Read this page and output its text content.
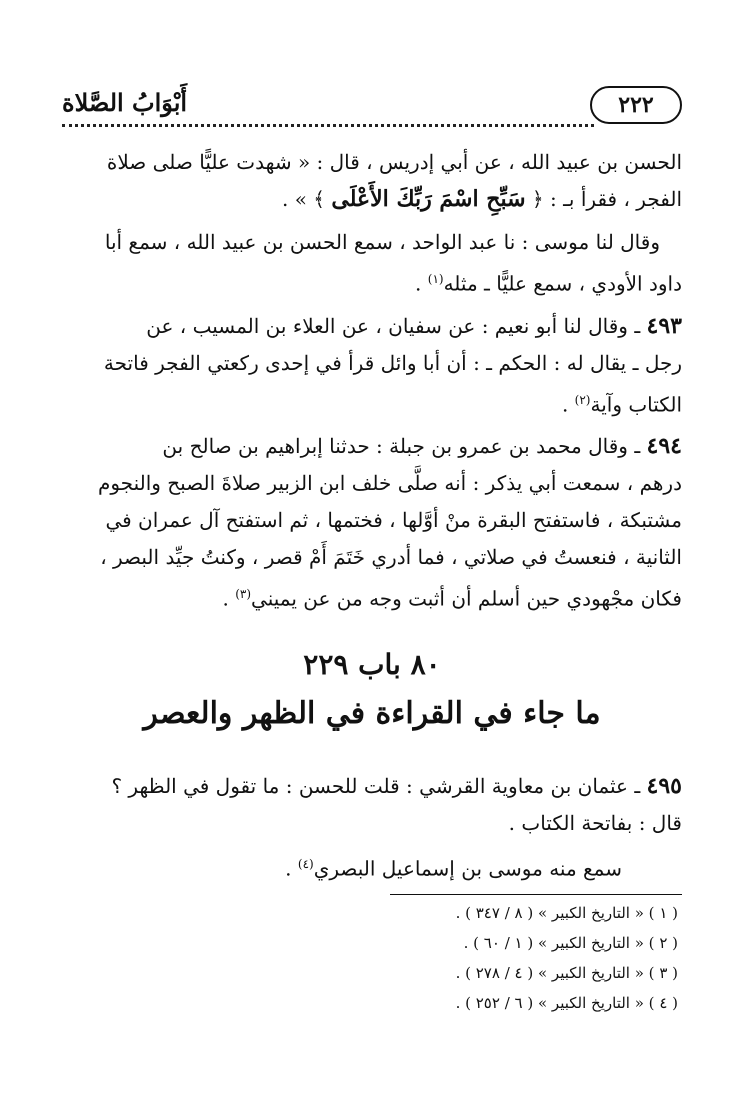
٢٢٢
أَبْوَابُ الصَّلاة
الحسن بن عبيد الله ، عن أبي إدريس ، قال : « شهدت عليًّا صلى صلاة
الفجر ، فقرأ بـ : ﴿ سَبِّحِ اسْمَ رَبِّكَ الأَعْلَى ﴾ » .
وقال لنا موسى : نا عبد الواحد ، سمع الحسن بن عبيد الله ، سمع أبا
داود الأودي ، سمع عليًّا ـ مثله$^{(١)}$ .
٤٩٣ ـ وقال لنا أبو نعيم : عن سفيان ، عن العلاء بن المسيب ، عن
رجل ـ يقال له : الحكم ـ : أن أبا وائل قرأ في إحدى ركعتي الفجر فاتحة
الكتاب وآية$^{(٢)}$ .
٤٩٤ ـ وقال محمد بن عمرو بن جبلة : حدثنا إبراهيم بن صالح بن
درهم ، سمعت أبي يذكر : أنه صلَّى خلف ابن الزبير صلاةَ الصبح والنجوم
مشتبكة ، فاستفتح البقرة منْ أوَّلها ، فختمها ، ثم استفتح آل عمران في
الثانية ، فنعستُ في صلاتي ، فما أدري خَتَمَ أَمْ قصر ، وكنتُ جيِّد البصر ،
فكان مجْهودي حين أسلم أن أثبت وجه من عن يميني$^{(٣)}$ .
٨٠ باب ٢٢٩
ما جاء في القراءة في الظهر والعصر
٤٩٥ ـ عثمان بن معاوية القرشي : قلت للحسن : ما تقول في الظهر ؟
قال : بفاتحة الكتاب .
سمع منه موسى بن إسماعيل البصري$^{(٤)}$ .
( ١ ) « التاريخ الكبير » ( ٨ / ٣٤٧ ) .
( ٢ ) « التاريخ الكبير » ( ١ / ٦٠ ) .
( ٣ ) « التاريخ الكبير » ( ٤ / ٢٧٨ ) .
( ٤ ) « التاريخ الكبير » ( ٦ / ٢٥٢ ) .
